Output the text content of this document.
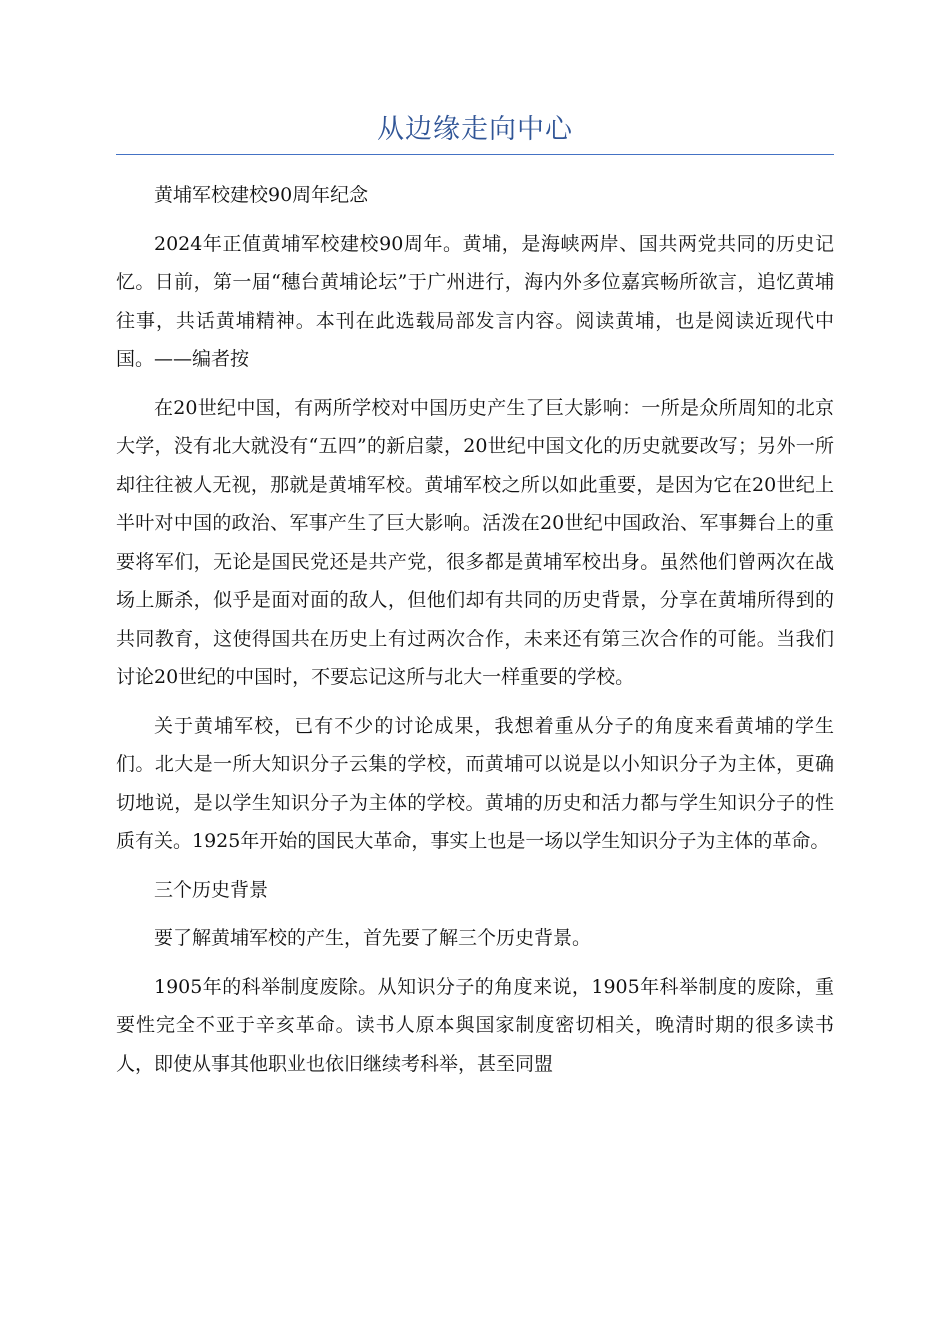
从边缘走向中心

黄埔军校建校90周年纪念

2024年正值黄埔军校建校90周年。黄埔，是海峡两岸、国共两党共同的历史记忆。日前，第一届“穗台黄埔论坛”于广州进行，海内外多位嘉宾畅所欲言，追忆黄埔往事，共话黄埔精神。本刊在此选载局部发言内容。阅读黄埔，也是阅读近现代中国。——编者按

在20世纪中国，有两所学校对中国历史产生了巨大影响：一所是众所周知的北京大学，没有北大就没有“五四”的新启蒙，20世纪中国文化的历史就要改写；另外一所却往往被人无视，那就是黄埔军校。黄埔军校之所以如此重要，是因为它在20世纪上半叶对中国的政治、军事产生了巨大影响。活泼在20世纪中国政治、军事舞台上的重要将军们，无论是国民党还是共产党，很多都是黄埔军校出身。虽然他们曾两次在战场上厮杀，似乎是面对面的敌人，但他们却有共同的历史背景，分享在黄埔所得到的共同教育，这使得国共在历史上有过两次合作，未来还有第三次合作的可能。当我们讨论20世纪的中国时，不要忘记这所与北大一样重要的学校。

关于黄埔军校，已有不少的讨论成果，我想着重从分子的角度来看黄埔的学生们。北大是一所大知识分子云集的学校，而黄埔可以说是以小知识分子为主体，更确切地说，是以学生知识分子为主体的学校。黄埔的历史和活力都与学生知识分子的性质有关。1925年开始的国民大革命，事实上也是一场以学生知识分子为主体的革命。

三个历史背景

要了解黄埔军校的产生，首先要了解三个历史背景。

1905年的科举制度废除。从知识分子的角度来说，1905年科举制度的废除，重要性完全不亚于辛亥革命。读书人原本與国家制度密切相关，晚清时期的很多读书人，即使从事其他职业也依旧继续考科举，甚至同盟
